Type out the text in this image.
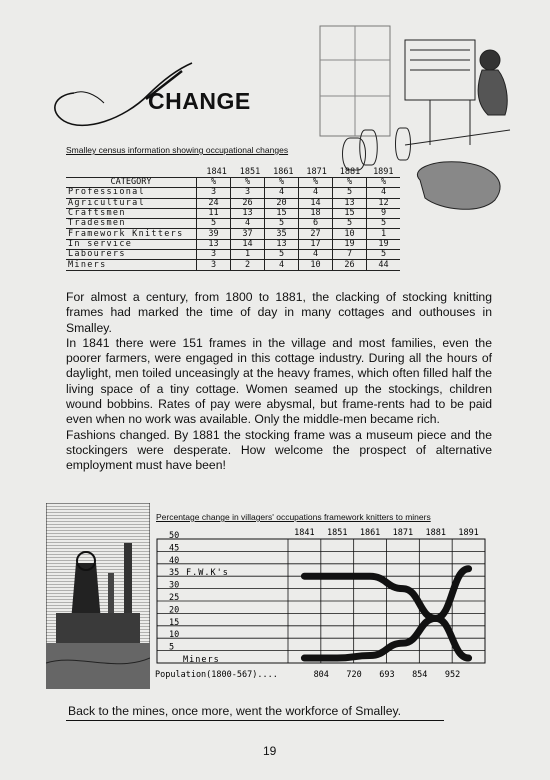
CHANGE
Smalley census information showing occupational changes
1841	1851	1861	1871	1881	1891
CATEGORY	%	%	%	%	%	%
Professional	3	3	4	4	5	4
Agricultural	24	26	20	14	13	12
Craftsmen	11	13	15	18	15	9
Tradesmen	5	4	5	6	5	5
Framework Knitters	39	37	35	27	10	1
In service	13	14	13	17	19	19
Labourers	3	1	5	4	7	5
Miners	3	2	4	10	26	44

For almost a century, from 1800 to 1881, the clacking of stocking knitting frames had marked the time of day in many cottages and outhouses in Smalley.

In 1841 there were 151 frames in the village and most families, even the poorer farmers, were engaged in this cottage industry. During all the hours of daylight, men toiled unceasingly at the heavy frames, which often filled half the living space of a tiny cottage. Women seamed up the stockings, children wound bobbins. Rates of pay were abysmal, but frame-rents had to be paid even when no work was available. Only the middle-men became rich.

Fashions changed. By 1881 the stocking frame was a museum piece and the stockingers were desperate. How welcome the prospect of alternative employment must have been!

Percentage change in villagers' occupations framework knitters to miners
5
10
15
20
25
30
35
40
45
50	1841 1851 1861 1871 1881 1891
F.W.K's
Miners
Population(1800-567)....	804 720 693 854 952
Back to the mines, once more, went the workforce of Smalley.
19
